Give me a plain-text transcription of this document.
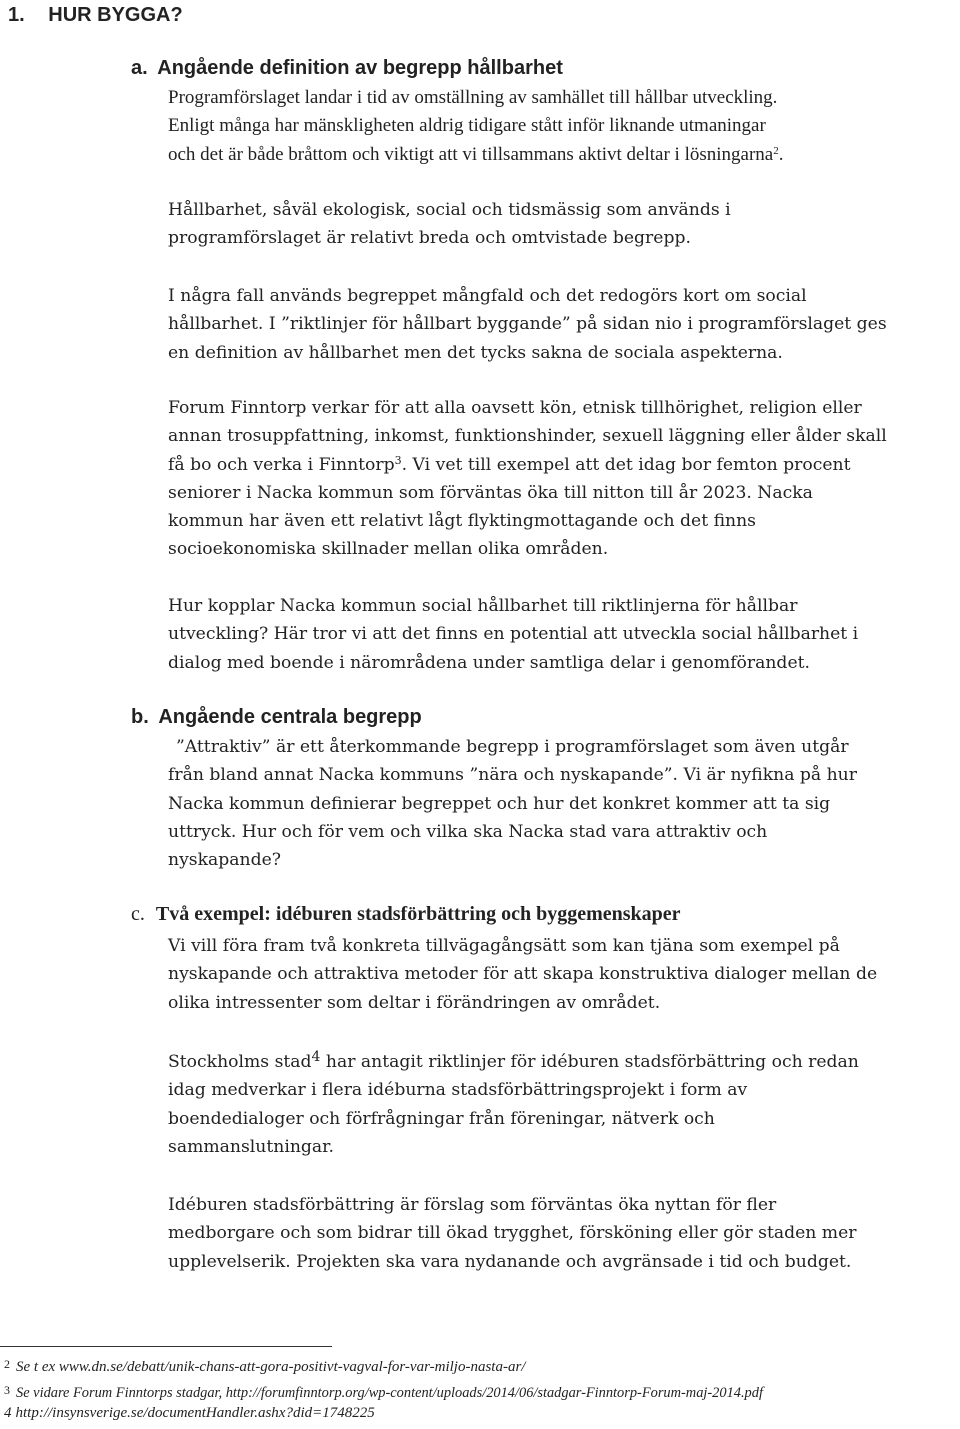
1. HUR BYGGA?
a. Angående definition av begrepp hållbarhet
Programförslaget landar i tid av omställning av samhället till hållbar utveckling.
Enligt många har mänskligheten aldrig tidigare stått inför liknande utmaningar
och det är både bråttom och viktigt att vi tillsammans aktivt deltar i lösningarna$^2$.
Hållbarhet, såväl ekologisk, social och tidsmässig som används i
programförslaget är relativt breda och omtvistade begrepp.
I några fall används begreppet mångfald och det redogörs kort om social
hållbarhet. I ”riktlinjer för hållbart byggande” på sidan nio i programförslaget ges
en definition av hållbarhet men det tycks sakna de sociala aspekterna.
Forum Finntorp verkar för att alla oavsett kön, etnisk tillhörighet, religion eller
annan trosuppfattning, inkomst, funktionshinder, sexuell läggning eller ålder skall
få bo och verka i Finntorp$^3$. Vi vet till exempel att det idag bor femton procent
seniorer i Nacka kommun som förväntas öka till nitton till år 2023. Nacka
kommun har även ett relativt lågt flyktingmottagande och det finns
socioekonomiska skillnader mellan olika områden.
Hur kopplar Nacka kommun social hållbarhet till riktlinjerna för hållbar
utveckling? Här tror vi att det finns en potential att utveckla social hållbarhet i
dialog med boende i närområdena under samtliga delar i genomförandet.
b. Angående centrala begrepp
”Attraktiv” är ett återkommande begrepp i programförslaget som även utgår
från bland annat Nacka kommuns ”nära och nyskapande”. Vi är nyfikna på hur
Nacka kommun definierar begreppet och hur det konkret kommer att ta sig
uttryck. Hur och för vem och vilka ska Nacka stad vara attraktiv och
nyskapande?
c. Två exempel: idéburen stadsförbättring och byggemenskaper
Vi vill föra fram två konkreta tillvägagångsätt som kan tjäna som exempel på
nyskapande och attraktiva metoder för att skapa konstruktiva dialoger mellan de
olika intressenter som deltar i förändringen av området.
Stockholms stad$^4$ har antagit riktlinjer för idéburen stadsförbättring och redan
idag medverkar i flera idéburna stadsförbättringsprojekt i form av
boendedialoger och förfrågningar från föreningar, nätverk och
sammanslutningar.
Idéburen stadsförbättring är förslag som förväntas öka nyttan för fler
medborgare och som bidrar till ökad trygghet, försköning eller gör staden mer
upplevelserik. Projekten ska vara nydanande och avgränsade i tid och budget.
$^2$ Se t ex www.dn.se/debatt/unik-chans-att-gora-positivt-vagval-for-var-miljo-nasta-ar/
$^3$ Se vidare Forum Finntorps stadgar, http://forumfinntorp.org/wp-content/uploads/2014/06/stadgar-Finntorp-Forum-maj-2014.pdf
4 http://insynsverige.se/documentHandler.ashx?did=1748225
